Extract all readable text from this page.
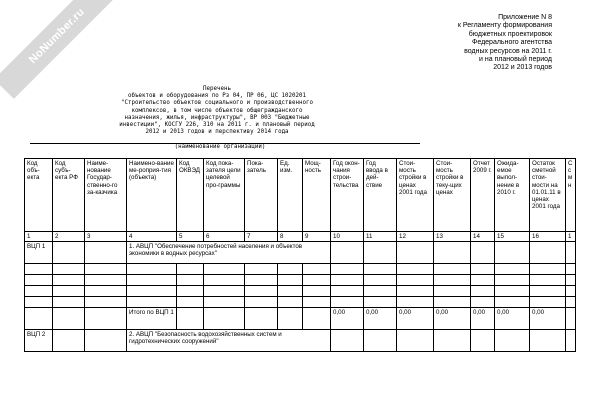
NoNumber.ru	Приложение N 8
к Регламенту формирования
бюджетных проектировок
Федерального агентства
водных ресурсов на 2011 г.
и на плановый период
2012 и 2013 годов
Перечень
объектов и оборудования по Рз 04, ПР 06, ЦС 1020201
"Строительство объектов социального и производственного
комплексов, в том числе объектов общегражданского
назначения, жилья, инфраструктуры", ВР 003 "Бюджетные
инвестиции", КОСГУ 226, 310 на 2011 г. и плановый период
2012 и 2013 годов и перспективу 2014 года
(наименование организации)
Код объ-екта	Код субъ-екта РФ	Наиме-нование Государ-ственно-го за-казчика	Наимено-вание ме-роприя-тия (объекта)	Код ОКВЭД	Код пока-зателя цели целевой про-граммы	Пока-затель	Ед. изм.	Мощ-ность	Год окон-чания строи-тельства	Год ввода в дей-ствие	Стои-мость стройки в ценах 2001 года	Стои-мость стройки в теку-щих ценах	Отчет 2009 г.	Ожида-емое выпол-нение в 2010 г.	Остаток сметной стои-мости на 01.01.11 в ценах 2001 года	С с м н
1	2	3	4	5	6	7	8	9	10	11	12	13	14	15	16	1
ВЦП 1			1. АВЦП "Обеспечение потребностей населения и объектов экономики в водных ресурсах"													

			Итого по ВЦП 1						0,00	0,00	0,00	0,00	0,00	0,00	0,00	
ВЦП 2			2. АВЦП "Безопасность водохозяйственных систем и гидротехнических сооружений"													
